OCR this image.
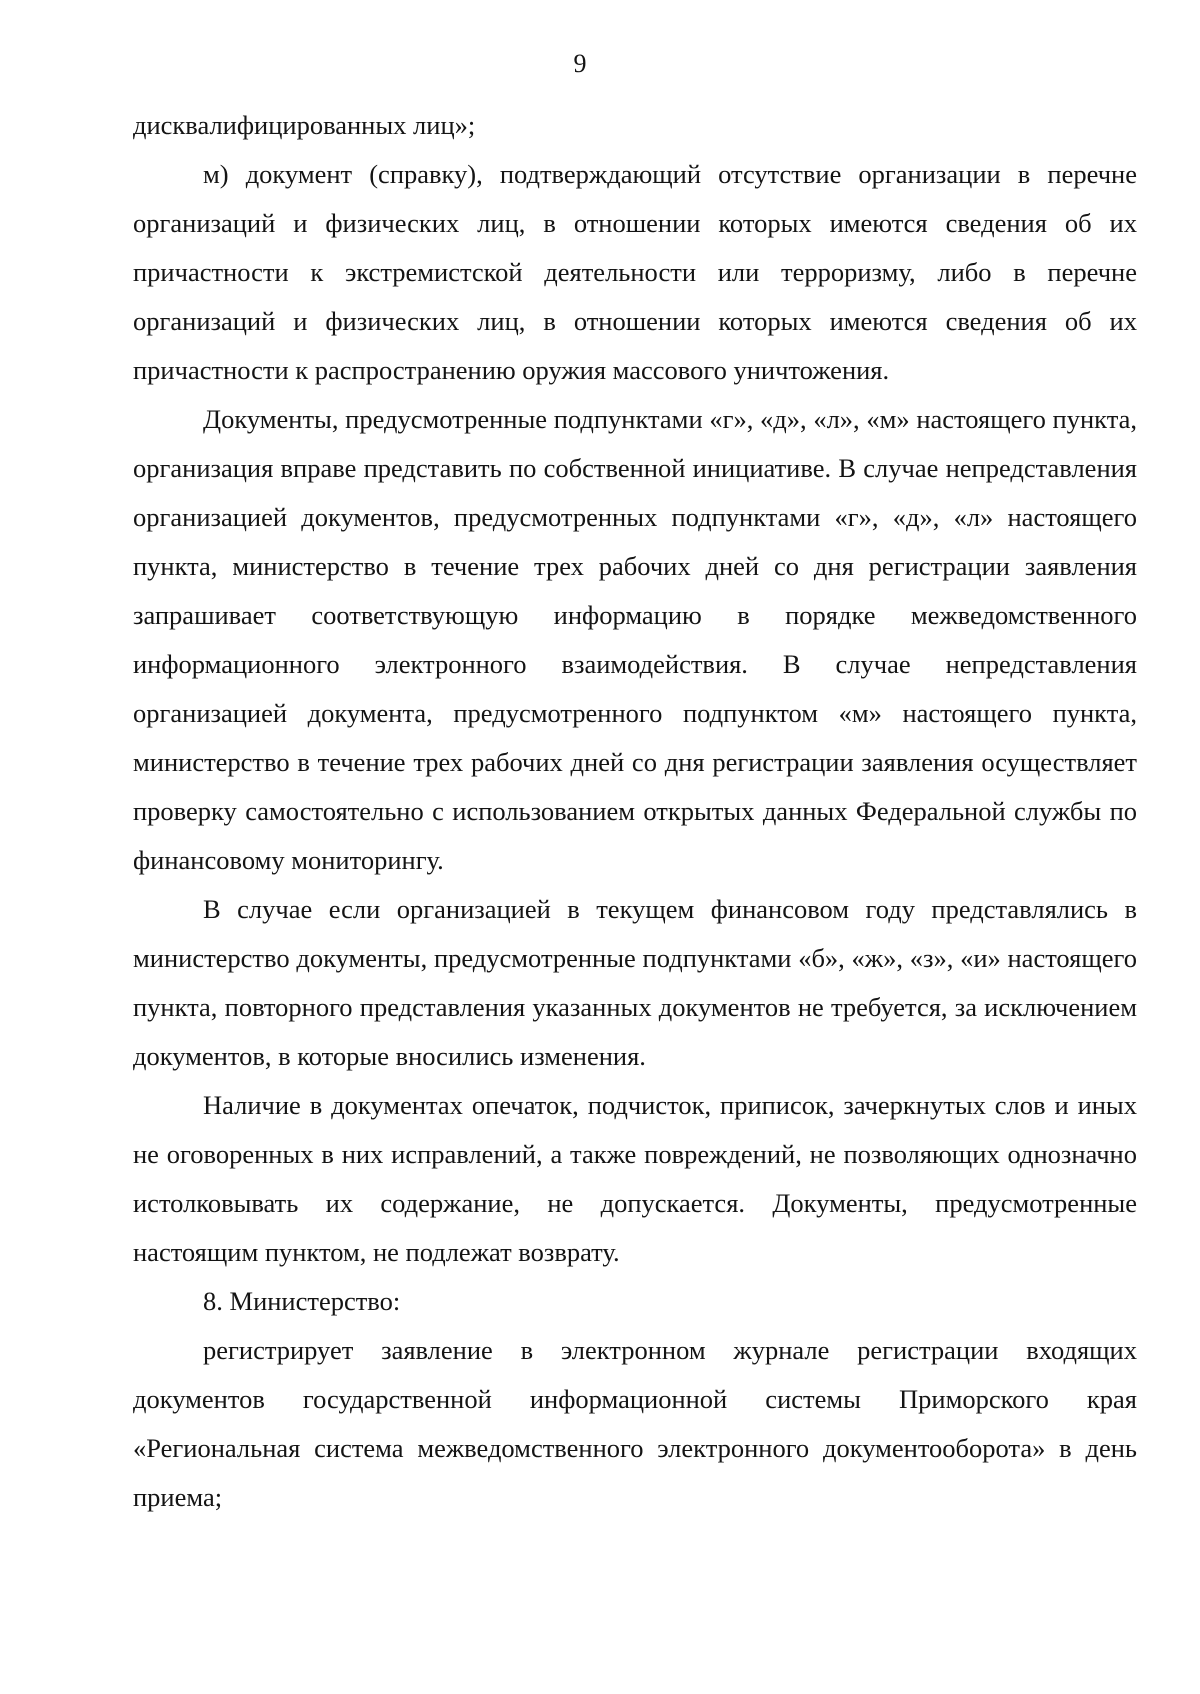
9

дисквалифицированных лиц»;

м) документ (справку), подтверждающий отсутствие организации в перечне организаций и физических лиц, в отношении которых имеются сведения об их причастности к экстремистской деятельности или терроризму, либо в перечне организаций и физических лиц, в отношении которых имеются сведения об их причастности к распространению оружия массового уничтожения.

Документы, предусмотренные подпунктами «г», «д», «л», «м» настоящего пункта, организация вправе представить по собственной инициативе. В случае непредставления организацией документов, предусмотренных подпунктами «г», «д», «л» настоящего пункта, министерство в течение трех рабочих дней со дня регистрации заявления запрашивает соответствующую информацию в порядке межведомственного информационного электронного взаимодействия. В случае непредставления организацией документа, предусмотренного подпунктом «м» настоящего пункта, министерство в течение трех рабочих дней со дня регистрации заявления осуществляет проверку самостоятельно с использованием открытых данных Федеральной службы по финансовому мониторингу.

В случае если организацией в текущем финансовом году представлялись в министерство документы, предусмотренные подпунктами «б», «ж», «з», «и» настоящего пункта, повторного представления указанных документов не требуется, за исключением документов, в которые вносились изменения.

Наличие в документах опечаток, подчисток, приписок, зачеркнутых слов и иных не оговоренных в них исправлений, а также повреждений, не позволяющих однозначно истолковывать их содержание, не допускается. Документы, предусмотренные настоящим пунктом, не подлежат возврату.

8. Министерство:

регистрирует заявление в электронном журнале регистрации входящих документов государственной информационной системы Приморского края «Региональная система межведомственного электронного документооборота» в день приема;
